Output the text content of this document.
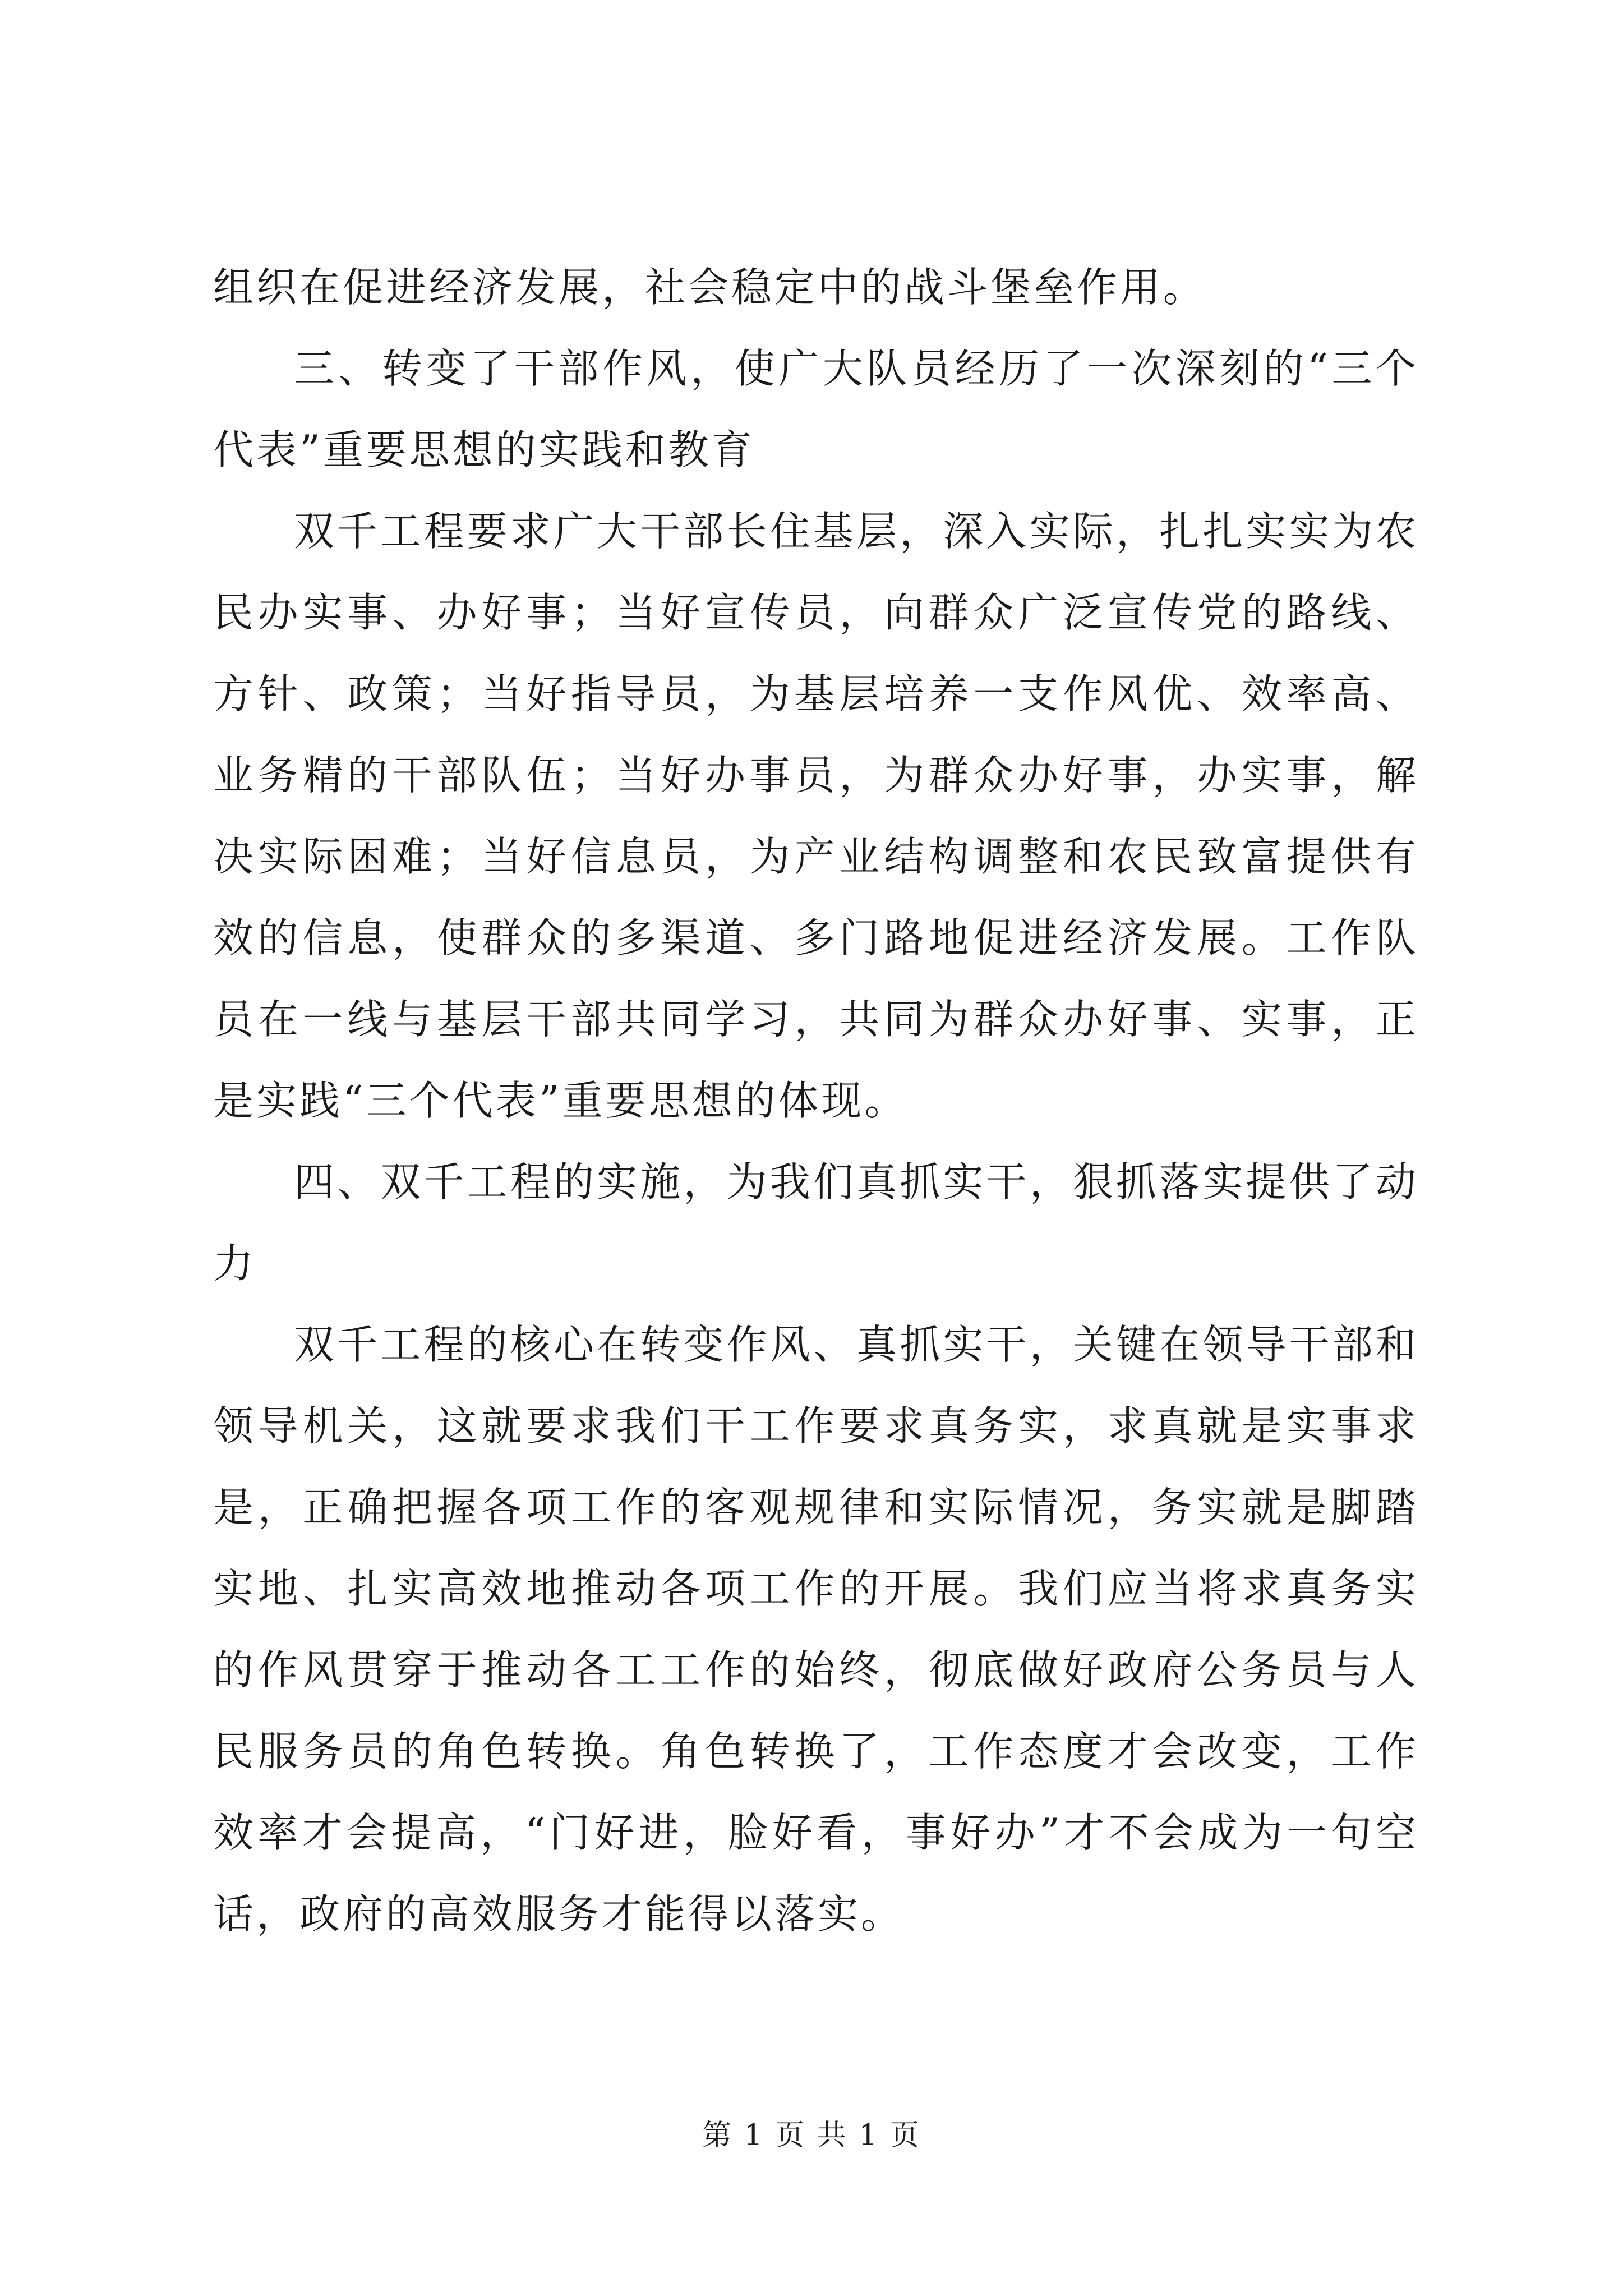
组织在促进经济发展，社会稳定中的战斗堡垒作用。

三、转变了干部作风，使广大队员经历了一次深刻的“三个代表”重要思想的实践和教育

双千工程要求广大干部长住基层，深入实际，扎扎实实为农民办实事、办好事；当好宣传员，向群众广泛宣传党的路线、方针、政策；当好指导员，为基层培养一支作风优、效率高、业务精的干部队伍；当好办事员，为群众办好事，办实事，解决实际困难；当好信息员，为产业结构调整和农民致富提供有效的信息，使群众的多渠道、多门路地促进经济发展。工作队员在一线与基层干部共同学习，共同为群众办好事、实事，正是实践“三个代表”重要思想的体现。

四、双千工程的实施，为我们真抓实干，狠抓落实提供了动力

双千工程的核心在转变作风、真抓实干，关键在领导干部和领导机关，这就要求我们干工作要求真务实，求真就是实事求是，正确把握各项工作的客观规律和实际情况，务实就是脚踏实地、扎实高效地推动各项工作的开展。我们应当将求真务实的作风贯穿于推动各工工作的始终，彻底做好政府公务员与人民服务员的角色转换。角色转换了，工作态度才会改变，工作效率才会提高，“门好进，脸好看，事好办”才不会成为一句空话，政府的高效服务才能得以落实。

第 1 页 共 1 页
